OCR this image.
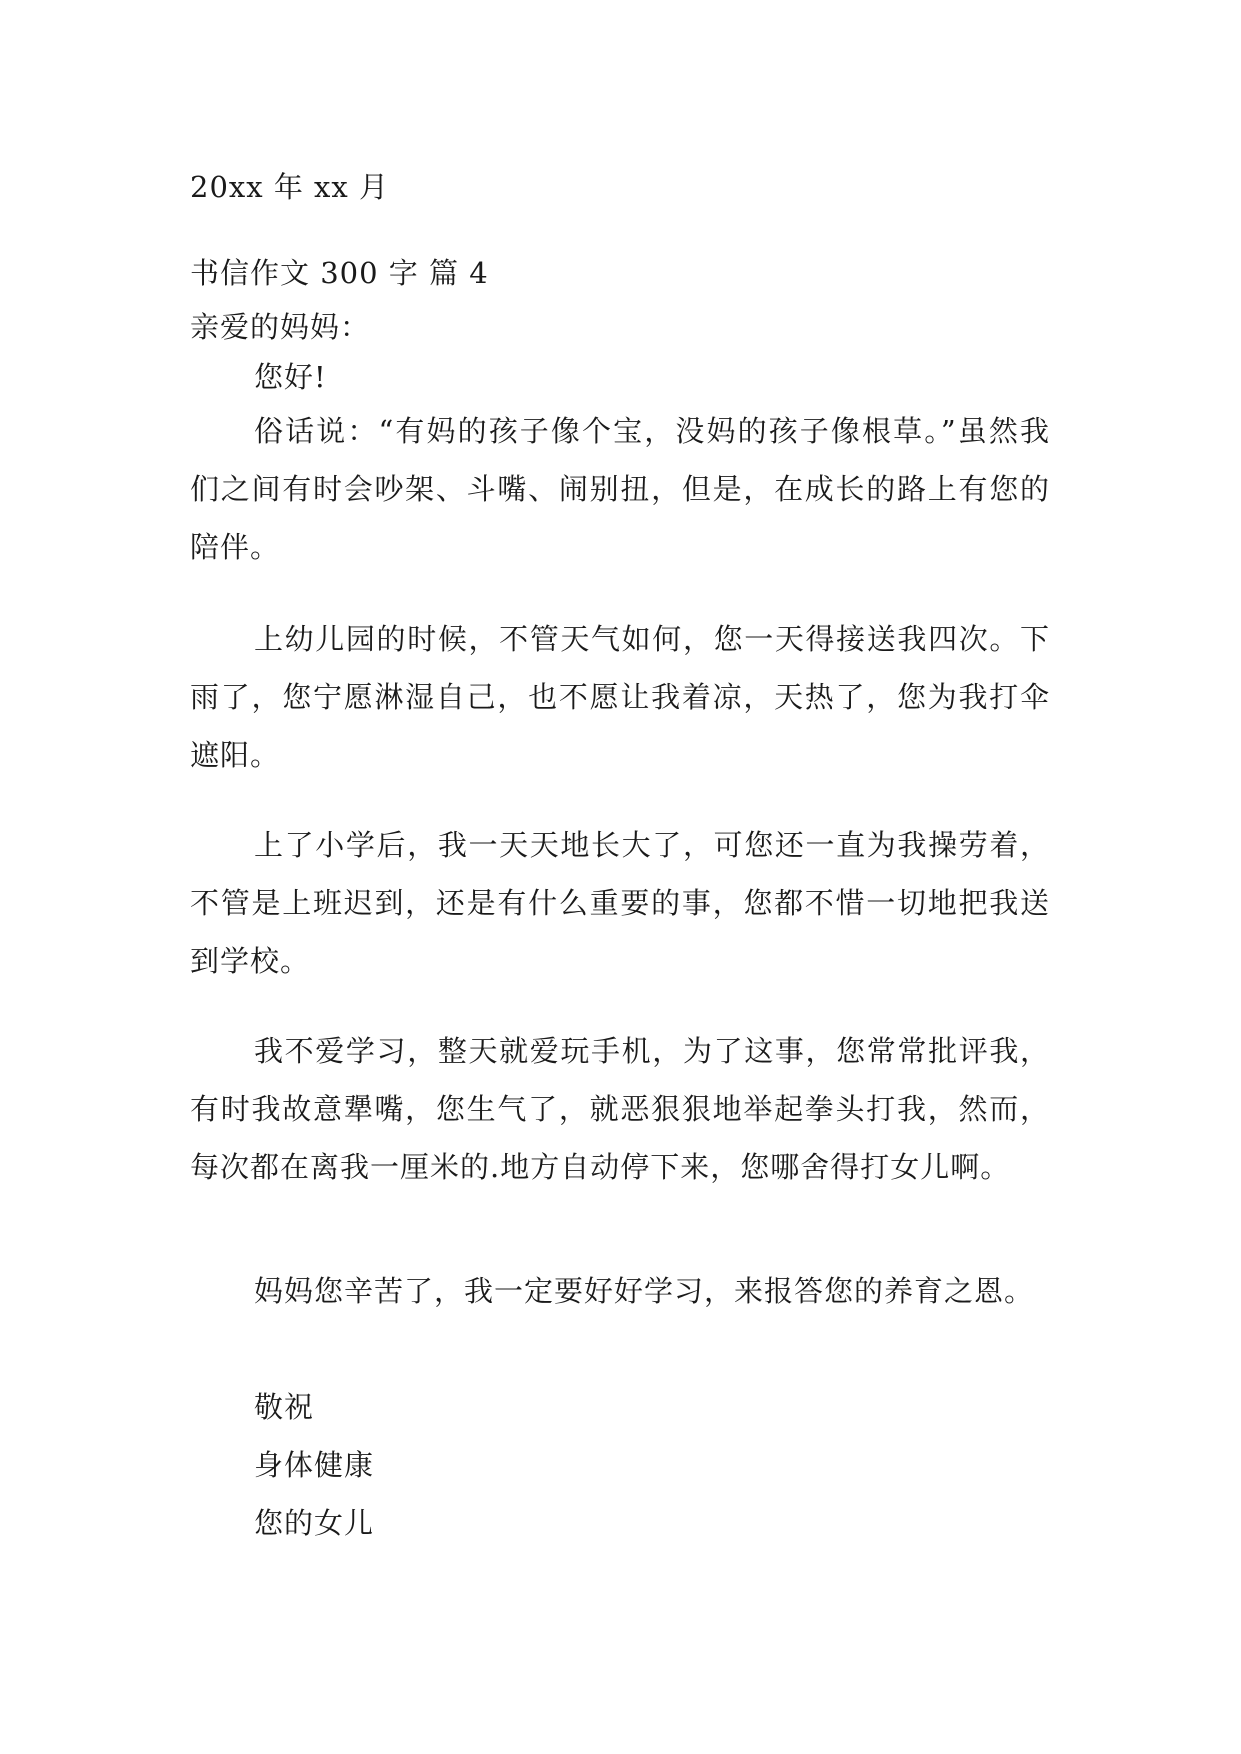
20xx 年 xx 月
书信作文 300 字 篇 4
亲爱的妈妈：
您好!
俗话说：“有妈的孩子像个宝，没妈的孩子像根草。”虽然我们之间有时会吵架、斗嘴、闹别扭，但是，在成长的路上有您的陪伴。
上幼儿园的时候，不管天气如何，您一天得接送我四次。下雨了，您宁愿淋湿自己，也不愿让我着凉，天热了，您为我打伞遮阳。
上了小学后，我一天天地长大了，可您还一直为我操劳着，不管是上班迟到，还是有什么重要的事，您都不惜一切地把我送到学校。
我不爱学习，整天就爱玩手机，为了这事，您常常批评我，有时我故意犟嘴，您生气了，就恶狠狠地举起拳头打我，然而，每次都在离我一厘米的.地方自动停下来，您哪舍得打女儿啊。
妈妈您辛苦了，我一定要好好学习，来报答您的养育之恩。
敬祝
身体健康
您的女儿
